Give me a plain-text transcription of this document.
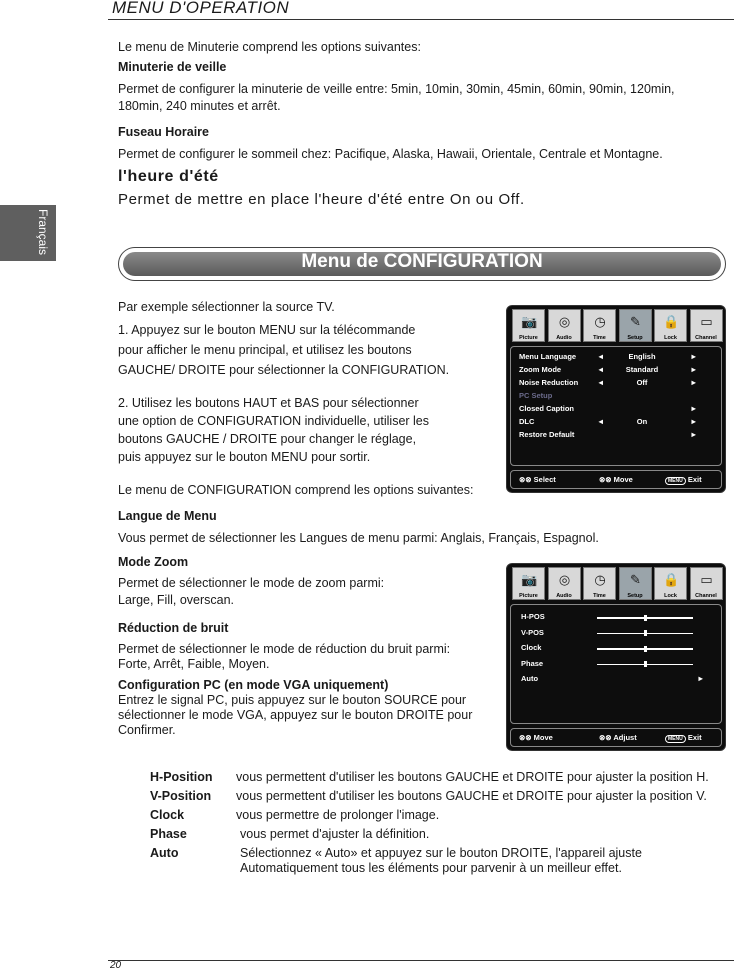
MENU D'OPERATION
Français
Le menu de Minuterie comprend les options suivantes:
Minuterie de veille
Permet de configurer la minuterie de veille entre: 5min, 10min, 30min, 45min, 60min, 90min, 120min,
180min, 240 minutes et arrêt.
Fuseau Horaire
Permet de configurer le sommeil chez: Pacifique, Alaska, Hawaii, Orientale, Centrale et Montagne.
l'heure d'été
Permet de mettre en place l'heure d'été entre On ou Off.
Menu de CONFIGURATION
Par exemple sélectionner la source TV.
1. Appuyez sur le bouton MENU sur la télécommande
pour afficher le menu principal, et utilisez les boutons
GAUCHE/ DROITE pour sélectionner la CONFIGURATION.
2. Utilisez les boutons HAUT et BAS pour sélectionner
une option de CONFIGURATION individuelle, utiliser les
boutons GAUCHE / DROITE pour changer le réglage,
puis appuyez sur le bouton MENU pour sortir.
Le menu de CONFIGURATION comprend les options suivantes:
Langue de Menu
Vous permet de sélectionner les Langues de menu parmi: Anglais, Français, Espagnol.
Mode Zoom
Permet de sélectionner le mode de zoom parmi:
Large, Fill, overscan.
Réduction de bruit
Permet de sélectionner le mode de réduction du bruit parmi:
Forte, Arrêt, Faible, Moyen.
Configuration PC (en mode VGA uniquement)
Entrez le signal PC, puis appuyez sur le bouton SOURCE pour
sélectionner le mode VGA, appuyez sur le bouton DROITE pour
Confirmer.
📷
Picture
◎
Audio
◷
Time
✎
Setup
🔒
Lock
▭
Channel
Menu Language	◄	English	►
Zoom Mode	◄	Standard	►
Noise Reduction	◄	Off	►
PC Setup
Closed Caption	►
DLC	◄	On	►
Restore Default	►
⊗⊗ Select	⊗⊗ Move	MENU Exit
📷
Picture
◎
Audio
◷
Time
✎
Setup
🔒
Lock
▭
Channel
H-POS
V-POS
Clock
Phase
Auto	►
⊗⊗ Move	⊗⊗ Adjust	MENU Exit
H-Position vous permettent d'utiliser les boutons GAUCHE et DROITE pour ajuster la position H.
V-Position vous permettent d'utiliser les boutons GAUCHE et DROITE pour ajuster la position V.
Clock	vous permettre de prolonger l'image.
Phase	vous permet d'ajuster la définition.
Auto	Sélectionnez « Auto» et appuyez sur le bouton DROITE, l'appareil ajuste
Automatiquement tous les éléments pour parvenir à un meilleur effet.
20
